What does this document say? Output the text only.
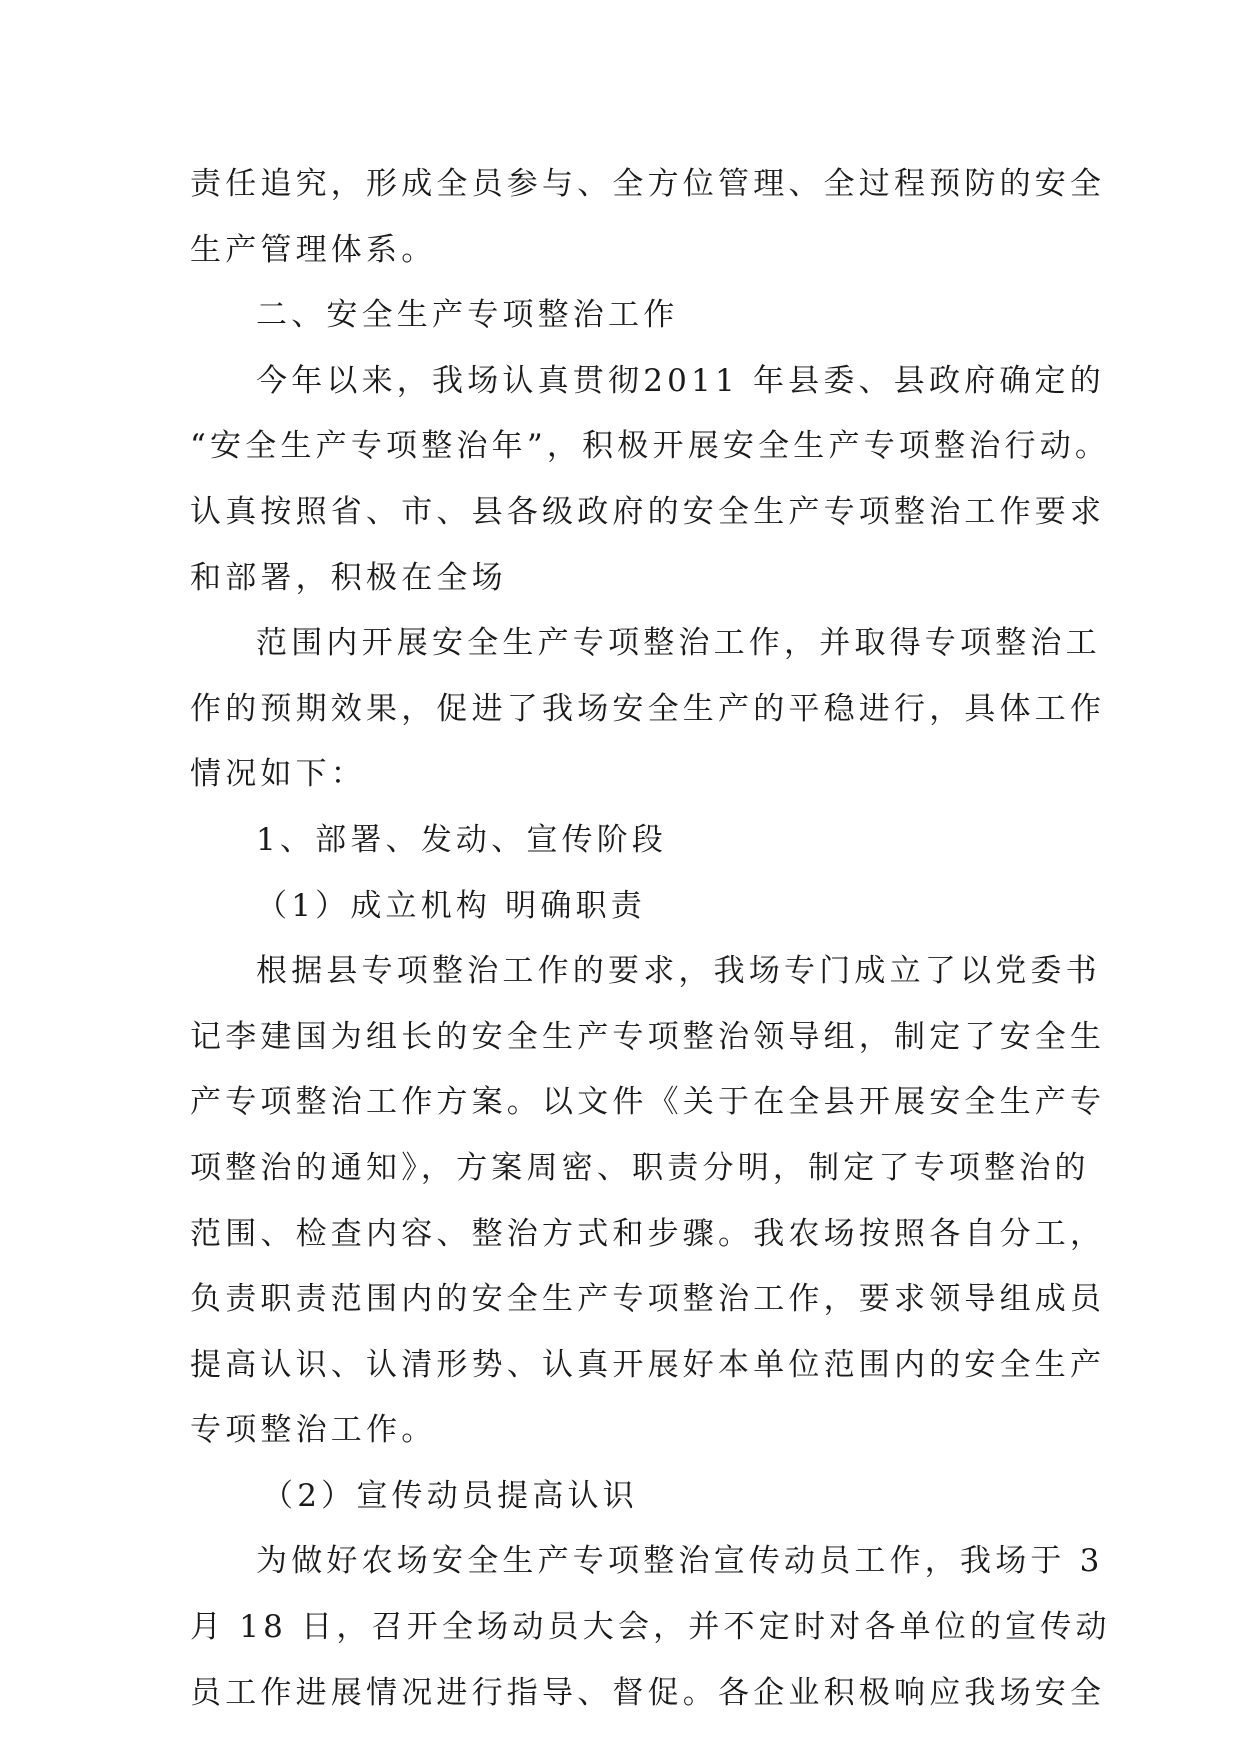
责任追究，形成全员参与、全方位管理、全过程预防的安全
生产管理体系。
二、安全生产专项整治工作
今年以来，我场认真贯彻2011 年县委、县政府确定的
“安全生产专项整治年”，积极开展安全生产专项整治行动。
认真按照省、市、县各级政府的安全生产专项整治工作要求
和部署，积极在全场
范围内开展安全生产专项整治工作，并取得专项整治工
作的预期效果，促进了我场安全生产的平稳进行，具体工作
情况如下：
1、部署、发动、宣传阶段
（1）成立机构 明确职责
根据县专项整治工作的要求，我场专门成立了以党委书
记李建国为组长的安全生产专项整治领导组，制定了安全生
产专项整治工作方案。以文件《关于在全县开展安全生产专
项整治的通知》，方案周密、职责分明，制定了专项整治的
范围、检查内容、整治方式和步骤。我农场按照各自分工，
负责职责范围内的安全生产专项整治工作，要求领导组成员
提高认识、认清形势、认真开展好本单位范围内的安全生产
专项整治工作。
（2）宣传动员提高认识
为做好农场安全生产专项整治宣传动员工作，我场于 3
月 18 日，召开全场动员大会，并不定时对各单位的宣传动
员工作进展情况进行指导、督促。各企业积极响应我场安全
